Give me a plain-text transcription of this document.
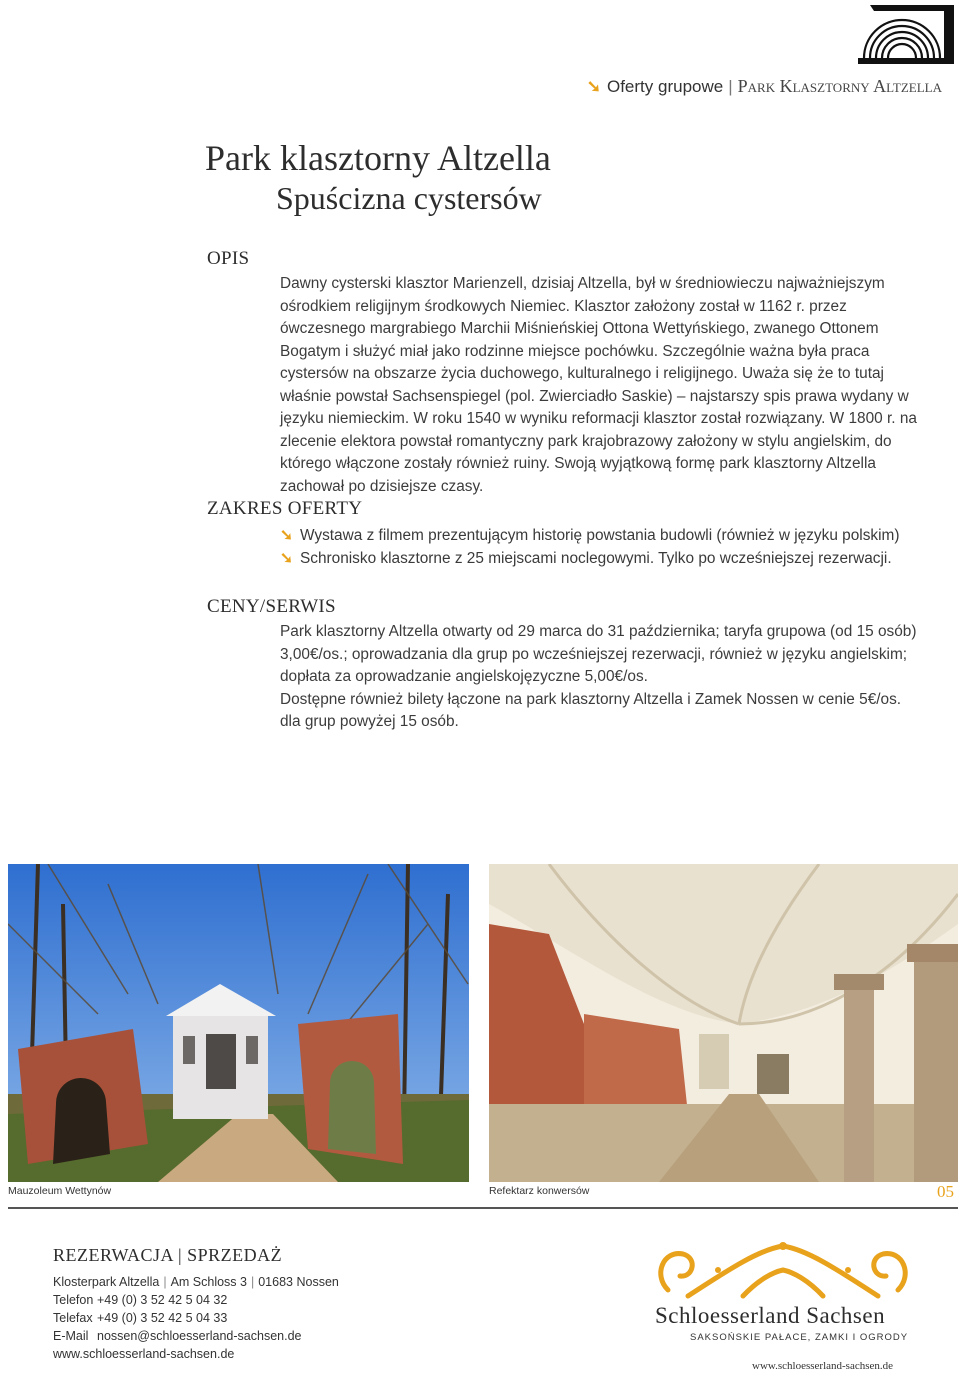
➘ Oferty grupowe | Park Klasztorny Altzella
Park klasztorny Altzella
Spuścizna cystersów
OPIS
Dawny cysterski klasztor Marienzell, dzisiaj Altzella, był w średniowieczu najważniejszym ośrodkiem religijnym środkowych Niemiec. Klasztor założony został w 1162 r. przez ówczesnego margrabiego Marchii Miśnieńskiej Ottona Wettyńskiego, zwanego Ottonem Bogatym i służyć miał jako rodzinne miejsce pochówku. Szczególnie ważna była praca cystersów na obszarze życia duchowego, kulturalnego i religijnego. Uważa się że to tutaj właśnie powstał Sachsenspiegel (pol. Zwierciadło Saskie) – najstarszy spis prawa wydany w języku niemieckim. W roku 1540 w wyniku reformacji klasztor został rozwiązany. W 1800 r. na zlecenie elektora powstał romantyczny park krajobrazowy założony w stylu angielskim, do którego włączone zostały również ruiny. Swoją wyjątkową formę park klasztorny Altzella zachował po dzisiejsze czasy.
ZAKRES OFERTY
➘ Wystawa z filmem prezentującym historię powstania budowli (również w języku polskim)
➘ Schronisko klasztorne z 25 miejscami noclegowymi. Tylko po wcześniejszej rezerwacji.
CENY/SERWIS
Park klasztorny Altzella otwarty od 29 marca do 31 października; taryfa grupowa (od 15 osób) 3,00€/os.; oprowadzania dla grup po wcześniejszej rezerwacji, również w języku angielskim; dopłata za oprowadzanie angielskojęzyczne 5,00€/os.
Dostępne również bilety łączone na park klasztorny Altzella i Zamek Nossen w cenie 5€/os. dla grup powyżej 15 osób.
Mauzoleum Wettynów	Refektarz konwersów	05
REZERWACJA | SPRZEDAŻ
Klosterpark Altzella | Am Schloss 3 | 01683 Nossen
Telefon +49 (0) 3 52 42 5 04 32
Telefax +49 (0) 3 52 42 5 04 33
E-Mail nossen@schloesserland-sachsen.de
www.schloesserland-sachsen.de
Schloesserland Sachsen
SAKSOŃSKIE PAŁACE, ZAMKI I OGRODY
www.schloesserland-sachsen.de
